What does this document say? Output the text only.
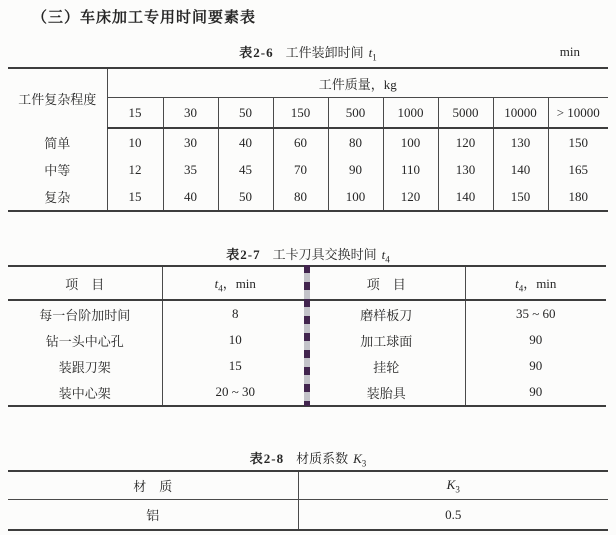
（三）车床加工专用时间要素表
表2-6 工件装卸时间 $t_1$	min
工件复杂程度	工件质量，kg								
	15	30	50	150	500	1000	5000	10000	> 10000
简单	10	30	40	60	80	100	120	130	150
中等	12	35	45	70	90	110	130	140	165
复杂	15	40	50	80	100	120	140	150	180
表2-7 工卡刀具交换时间 $t_4$
项　目	$t_4$，min	项　目	$t_4$，min
每一台阶加时间	8	磨样板刀	35 ~ 60
钻一头中心孔	10	加工球面	90
装跟刀架	15	挂轮	90
装中心架	20 ~ 30	装胎具	90
表2-8 材质系数 $K_3$
材　质	$K_3$
铝	0.5
